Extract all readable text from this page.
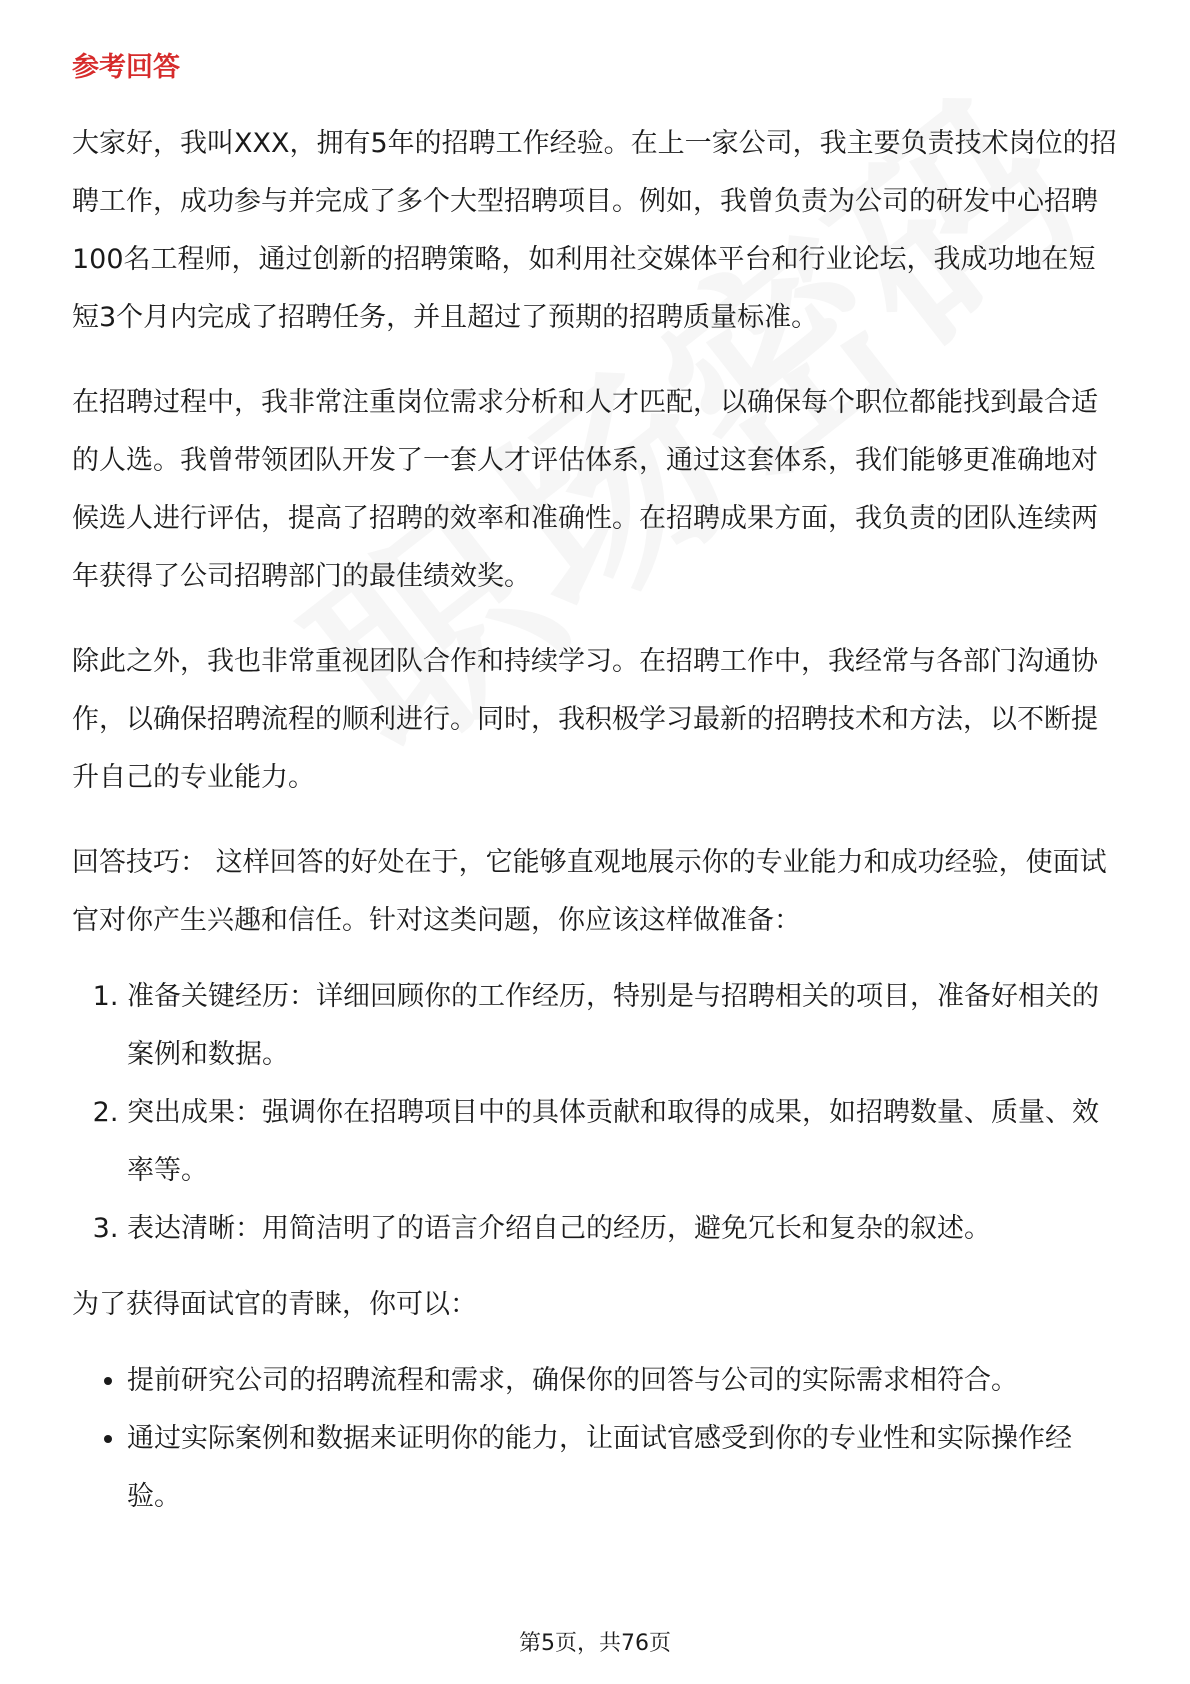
参考回答

大家好，我叫XXX，拥有5年的招聘工作经验。在上一家公司，我主要负责技术岗位的招聘工作，成功参与并完成了多个大型招聘项目。例如，我曾负责为公司的研发中心招聘100名工程师，通过创新的招聘策略，如利用社交媒体平台和行业论坛，我成功地在短短3个月内完成了招聘任务，并且超过了预期的招聘质量标准。

在招聘过程中，我非常注重岗位需求分析和人才匹配，以确保每个职位都能找到最合适的人选。我曾带领团队开发了一套人才评估体系，通过这套体系，我们能够更准确地对候选人进行评估，提高了招聘的效率和准确性。在招聘成果方面，我负责的团队连续两年获得了公司招聘部门的最佳绩效奖。

除此之外，我也非常重视团队合作和持续学习。在招聘工作中，我经常与各部门沟通协作，以确保招聘流程的顺利进行。同时，我积极学习最新的招聘技术和方法，以不断提升自己的专业能力。

回答技巧： 这样回答的好处在于，它能够直观地展示你的专业能力和成功经验，使面试官对你产生兴趣和信任。针对这类问题，你应该这样做准备：

1. 准备关键经历：详细回顾你的工作经历，特别是与招聘相关的项目，准备好相关的案例和数据。
2. 突出成果：强调你在招聘项目中的具体贡献和取得的成果，如招聘数量、质量、效率等。
3. 表达清晰：用简洁明了的语言介绍自己的经历，避免冗长和复杂的叙述。

为了获得面试官的青睐，你可以：

• 提前研究公司的招聘流程和需求，确保你的回答与公司的实际需求相符合。
• 通过实际案例和数据来证明你的能力，让面试官感受到你的专业性和实际操作经验。
第5页，共76页
